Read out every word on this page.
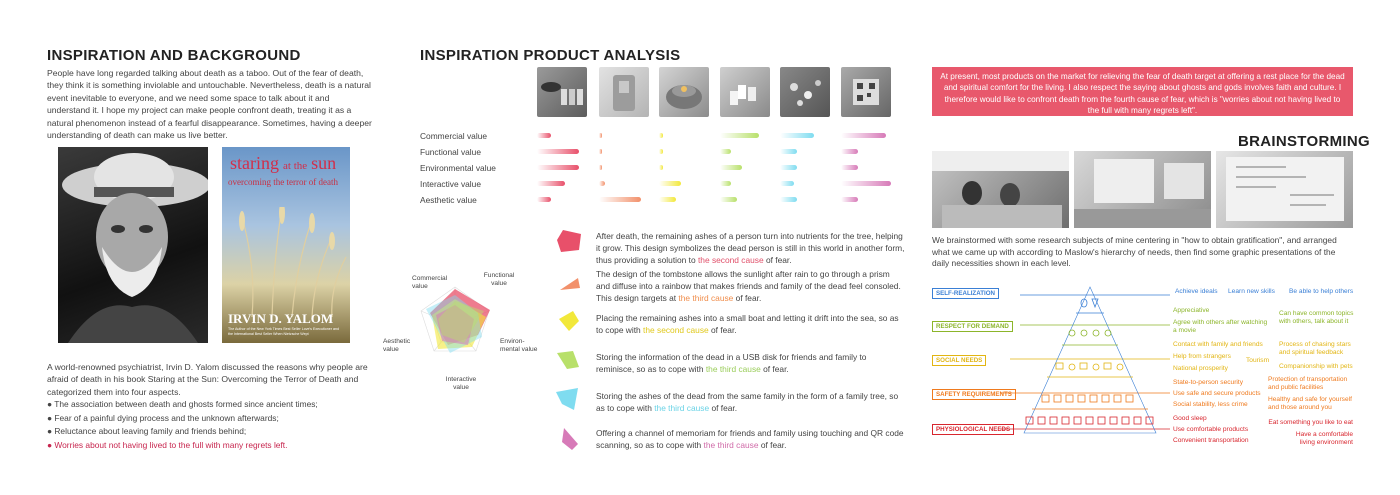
INSPIRATION AND BACKGROUND

People have long regarded talking about death as a taboo. Out of the fear of death, they think it is something inviolable and untouchable. Nevertheless, death is a natural event inevitable to everyone, and we need some space to talk about it and understand it. I hope my project can make people confront death, treating it as a natural phenomenon instead of a fearful disappearance. Sometimes, having a deeper understanding of death can make us live better.

staring at the sun
overcoming the terror of death
IRVIN D. YALOM
The Author of the New York Times Best Seller Love's Executioner and the International Best Seller When Nietzsche Wept

A world-renowned psychiatrist, Irvin D. Yalom discussed the reasons why people are afraid of death in his book Staring at the Sun: Overcoming the Terror of Death and categorized them into four aspects.

● The association between death and ghosts formed since ancient times;
● Fear of a painful dying process and the unknown afterwards;
● Reluctance about leaving family and friends behind;
● Worries about not having lived to the full with many regrets left.
INSPIRATION PRODUCT ANALYSIS
Commercial value
Functional value
Environmental value
Interactive value
Aesthetic value
Commercial value
Functional value
Environ- mental value
Interactive value
Aesthetic value

After death, the remaining ashes of a person turn into nutrients for the tree, helping it grow. This design symbolizes the dead person is still in this world in another form, thus providing a solution to the second cause of fear.

The design of the tombstone allows the sunlight after rain to go through a prism and diffuse into a rainbow that makes friends and family of the dead feel consoled. This design targets at the third cause of fear.

Placing the remaining ashes into a small boat and letting it drift into the sea, so as to cope with the second cause of fear.

Storing the information of the dead in a USB disk for friends and family to reminisce, so as to cope with the third cause of fear.

Storing the ashes of the dead from the same family in the form of a family tree, so as to cope with the third cause of fear.

Offering a channel of memoriam for friends and family using touching and QR code scanning, so as to cope with the third cause of fear.

At present, most products on the market for relieving the fear of death target at offering a rest place for the dead and spiritual comfort for the living. I also respect the saying about ghosts and gods involves faith and culture. I therefore would like to confront death from the fourth cause of fear, which is "worries about not having lived to the full with many regrets left".

BRAINSTORMING

We brainstormed with some research subjects of mine centering in "how to obtain gratification", and arranged what we came up with according to Maslow's hierarchy of needs, then find some graphic presentations of the daily necessities shown in each level.

SELF-REALIZATION
RESPECT FOR DEMAND
SOCIAL NEEDS
SAFETY REQUIREMENTS
PHYSIOLOGICAL NEEDS
Achieve ideals Learn new skills Be able to help others
Appreciative
Agree with others after watching
a movie
Can have common topics
with others, talk about it
Contact with family and friends
Help from strangers
National prosperity
Tourism
Process of chasing stars
and spiritual feedback
Companionship with pets
State-to-person security
Use safe and secure products
Social stability, less crime
Protection of transportation
and public facilities
Healthy and safe for yourself
and those around you
Good sleep
Use comfortable products
Convenient transportation
Eat something you like to eat
Have a comfortable
living environment
